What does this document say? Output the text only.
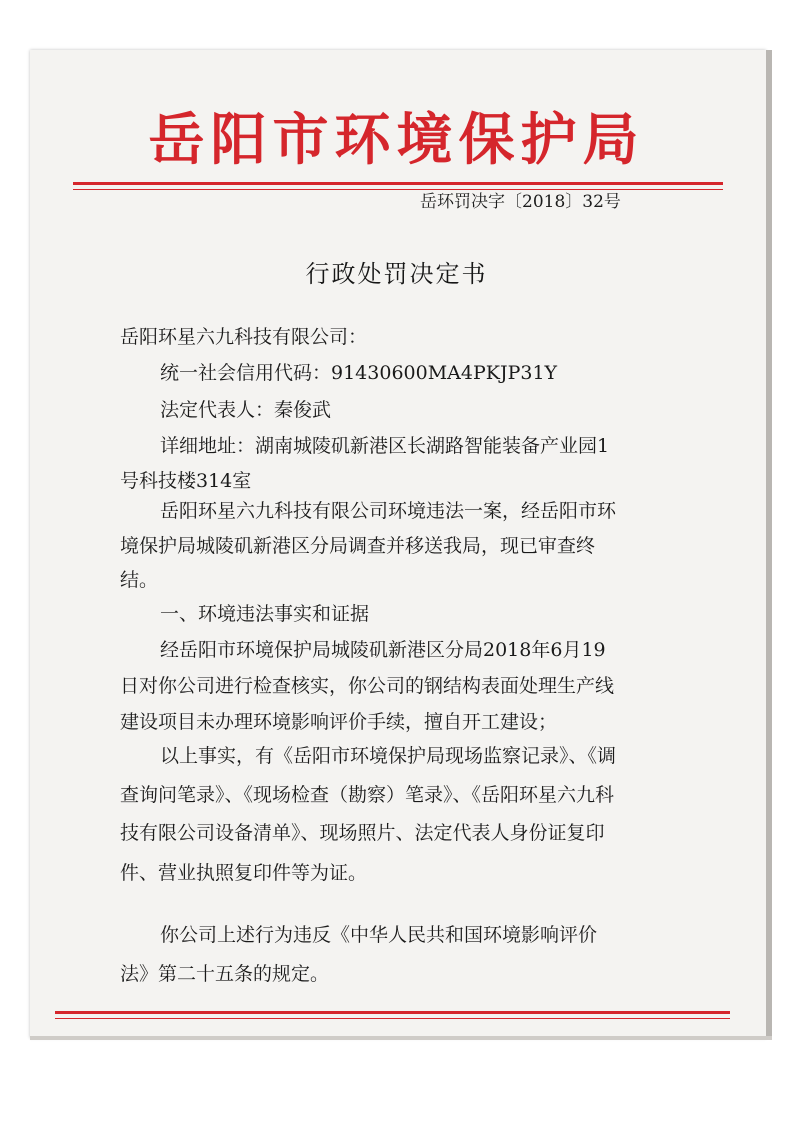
岳阳市环境保护局
岳环罚决字〔2018〕32号
行政处罚决定书
岳阳环星六九科技有限公司：
统一社会信用代码：91430600MA4PKJP31Y
法定代表人：秦俊武
详细地址：湖南城陵矶新港区长湖路智能装备产业园1
号科技楼314室
岳阳环星六九科技有限公司环境违法一案，经岳阳市环
境保护局城陵矶新港区分局调查并移送我局，现已审查终
结。
一、环境违法事实和证据
经岳阳市环境保护局城陵矶新港区分局2018年6月19
日对你公司进行检查核实，你公司的钢结构表面处理生产线
建设项目未办理环境影响评价手续，擅自开工建设；
以上事实，有《岳阳市环境保护局现场监察记录》、《调
查询问笔录》、《现场检查（勘察）笔录》、《岳阳环星六九科
技有限公司设备清单》、现场照片、法定代表人身份证复印
件、营业执照复印件等为证。
你公司上述行为违反《中华人民共和国环境影响评价
法》第二十五条的规定。
